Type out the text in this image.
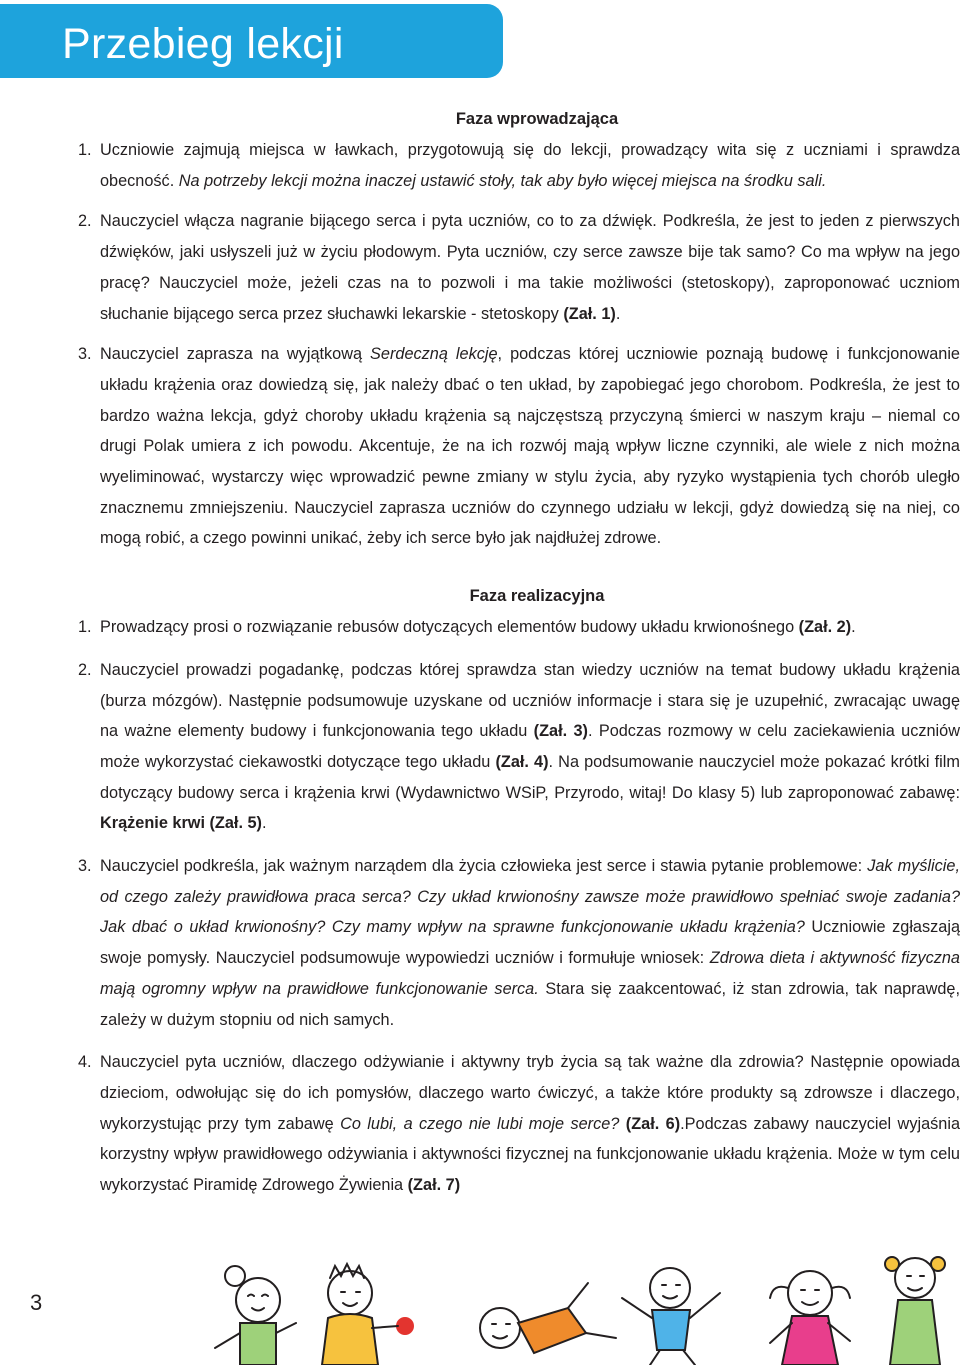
Przebieg lekcji
Faza wprowadzająca
1. Uczniowie zajmują miejsca w ławkach, przygotowują się do lekcji, prowadzący wita się z uczniami i sprawdza obecność. Na potrzeby lekcji można inaczej ustawić stoły, tak aby było więcej miejsca na środku sali.
2. Nauczyciel włącza nagranie bijącego serca i pyta uczniów, co to za dźwięk. Podkreśla, że jest to jeden z pierwszych dźwięków, jaki usłyszeli już w życiu płodowym. Pyta uczniów, czy serce zawsze bije tak samo? Co ma wpływ na jego pracę? Nauczyciel może, jeżeli czas na to pozwoli i ma takie możliwości (stetoskopy), zaproponować uczniom słuchanie bijącego serca przez słuchawki lekarskie - stetoskopy (Zał. 1).
3. Nauczyciel zaprasza na wyjątkową Serdeczną lekcję, podczas której uczniowie poznają budowę i funkcjonowanie układu krążenia oraz dowiedzą się, jak należy dbać o ten układ, by zapobiegać jego chorobom. Podkreśla, że jest to bardzo ważna lekcja, gdyż choroby układu krążenia są najczęstszą przyczyną śmierci w naszym kraju – niemal co drugi Polak umiera z ich powodu. Akcentuje, że na ich rozwój mają wpływ liczne czynniki, ale wiele z nich można wyeliminować, wystarczy więc wprowadzić pewne zmiany w stylu życia, aby ryzyko wystąpienia tych chorób uległo znacznemu zmniejszeniu. Nauczyciel zaprasza uczniów do czynnego udziału w lekcji, gdyż dowiedzą się na niej, co mogą robić, a czego powinni unikać, żeby ich serce było jak najdłużej zdrowe.
Faza realizacyjna
1. Prowadzący prosi o rozwiązanie rebusów dotyczących elementów budowy układu krwionośnego (Zał. 2).
2. Nauczyciel prowadzi pogadankę, podczas której sprawdza stan wiedzy uczniów na temat budowy układu krążenia (burza mózgów). Następnie podsumowuje uzyskane od uczniów informacje i stara się je uzupełnić, zwracając uwagę na ważne elementy budowy i funkcjonowania tego układu (Zał. 3). Podczas rozmowy w celu zaciekawienia uczniów może wykorzystać ciekawostki dotyczące tego układu (Zał. 4). Na podsumowanie nauczyciel może pokazać krótki film dotyczący budowy serca i krążenia krwi (Wydawnictwo WSiP, Przyrodo, witaj! Do klasy 5) lub zaproponować zabawę: Krążenie krwi (Zał. 5).
3. Nauczyciel podkreśla, jak ważnym narządem dla życia człowieka jest serce i stawia pytanie problemowe: Jak myślicie, od czego zależy prawidłowa praca serca? Czy układ krwionośny zawsze może prawidłowo spełniać swoje zadania? Jak dbać o układ krwionośny? Czy mamy wpływ na sprawne funkcjonowanie układu krążenia? Uczniowie zgłaszają swoje pomysły. Nauczyciel podsumowuje wypowiedzi uczniów i formułuje wniosek: Zdrowa dieta i aktywność fizyczna mają ogromny wpływ na prawidłowe funkcjonowanie serca. Stara się zaakcentować, iż stan zdrowia, tak naprawdę, zależy w dużym stopniu od nich samych.
4. Nauczyciel pyta uczniów, dlaczego odżywianie i aktywny tryb życia są tak ważne dla zdrowia? Następnie opowiada dzieciom, odwołując się do ich pomysłów, dlaczego warto ćwiczyć, a także które produkty są zdrowsze i dlaczego, wykorzystując przy tym zabawę Co lubi, a czego nie lubi moje serce? (Zał. 6).Podczas zabawy nauczyciel wyjaśnia korzystny wpływ prawidłowego odżywiania i aktywności fizycznej na funkcjonowanie układu krążenia. Może w tym celu wykorzystać Piramidę Zdrowego Żywienia (Zał. 7)
3
